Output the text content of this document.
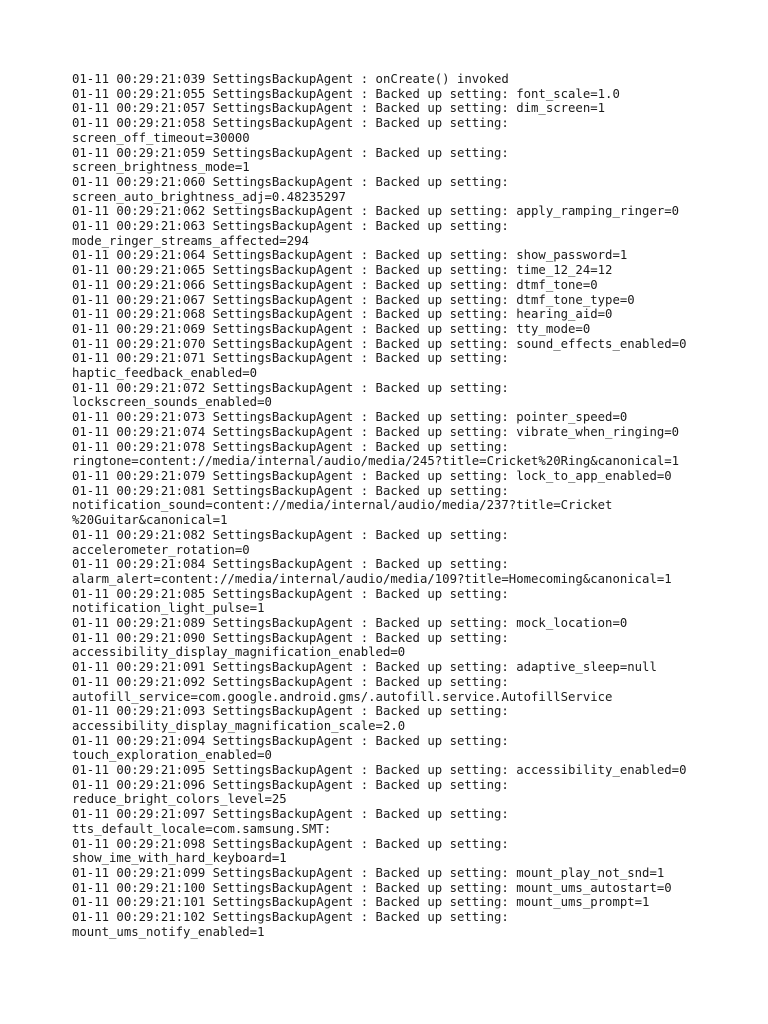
01-11 00:29:21:039 SettingsBackupAgent : onCreate() invoked
01-11 00:29:21:055 SettingsBackupAgent : Backed up setting: font_scale=1.0
01-11 00:29:21:057 SettingsBackupAgent : Backed up setting: dim_screen=1
01-11 00:29:21:058 SettingsBackupAgent : Backed up setting:
screen_off_timeout=30000
01-11 00:29:21:059 SettingsBackupAgent : Backed up setting:
screen_brightness_mode=1
01-11 00:29:21:060 SettingsBackupAgent : Backed up setting:
screen_auto_brightness_adj=0.48235297
01-11 00:29:21:062 SettingsBackupAgent : Backed up setting: apply_ramping_ringer=0
01-11 00:29:21:063 SettingsBackupAgent : Backed up setting:
mode_ringer_streams_affected=294
01-11 00:29:21:064 SettingsBackupAgent : Backed up setting: show_password=1
01-11 00:29:21:065 SettingsBackupAgent : Backed up setting: time_12_24=12
01-11 00:29:21:066 SettingsBackupAgent : Backed up setting: dtmf_tone=0
01-11 00:29:21:067 SettingsBackupAgent : Backed up setting: dtmf_tone_type=0
01-11 00:29:21:068 SettingsBackupAgent : Backed up setting: hearing_aid=0
01-11 00:29:21:069 SettingsBackupAgent : Backed up setting: tty_mode=0
01-11 00:29:21:070 SettingsBackupAgent : Backed up setting: sound_effects_enabled=0
01-11 00:29:21:071 SettingsBackupAgent : Backed up setting:
haptic_feedback_enabled=0
01-11 00:29:21:072 SettingsBackupAgent : Backed up setting:
lockscreen_sounds_enabled=0
01-11 00:29:21:073 SettingsBackupAgent : Backed up setting: pointer_speed=0
01-11 00:29:21:074 SettingsBackupAgent : Backed up setting: vibrate_when_ringing=0
01-11 00:29:21:078 SettingsBackupAgent : Backed up setting:
ringtone=content://media/internal/audio/media/245?title=Cricket%20Ring&canonical=1
01-11 00:29:21:079 SettingsBackupAgent : Backed up setting: lock_to_app_enabled=0
01-11 00:29:21:081 SettingsBackupAgent : Backed up setting:
notification_sound=content://media/internal/audio/media/237?title=Cricket
%20Guitar&canonical=1
01-11 00:29:21:082 SettingsBackupAgent : Backed up setting:
accelerometer_rotation=0
01-11 00:29:21:084 SettingsBackupAgent : Backed up setting:
alarm_alert=content://media/internal/audio/media/109?title=Homecoming&canonical=1
01-11 00:29:21:085 SettingsBackupAgent : Backed up setting:
notification_light_pulse=1
01-11 00:29:21:089 SettingsBackupAgent : Backed up setting: mock_location=0
01-11 00:29:21:090 SettingsBackupAgent : Backed up setting:
accessibility_display_magnification_enabled=0
01-11 00:29:21:091 SettingsBackupAgent : Backed up setting: adaptive_sleep=null
01-11 00:29:21:092 SettingsBackupAgent : Backed up setting:
autofill_service=com.google.android.gms/.autofill.service.AutofillService
01-11 00:29:21:093 SettingsBackupAgent : Backed up setting:
accessibility_display_magnification_scale=2.0
01-11 00:29:21:094 SettingsBackupAgent : Backed up setting:
touch_exploration_enabled=0
01-11 00:29:21:095 SettingsBackupAgent : Backed up setting: accessibility_enabled=0
01-11 00:29:21:096 SettingsBackupAgent : Backed up setting:
reduce_bright_colors_level=25
01-11 00:29:21:097 SettingsBackupAgent : Backed up setting:
tts_default_locale=com.samsung.SMT:
01-11 00:29:21:098 SettingsBackupAgent : Backed up setting:
show_ime_with_hard_keyboard=1
01-11 00:29:21:099 SettingsBackupAgent : Backed up setting: mount_play_not_snd=1
01-11 00:29:21:100 SettingsBackupAgent : Backed up setting: mount_ums_autostart=0
01-11 00:29:21:101 SettingsBackupAgent : Backed up setting: mount_ums_prompt=1
01-11 00:29:21:102 SettingsBackupAgent : Backed up setting:
mount_ums_notify_enabled=1
